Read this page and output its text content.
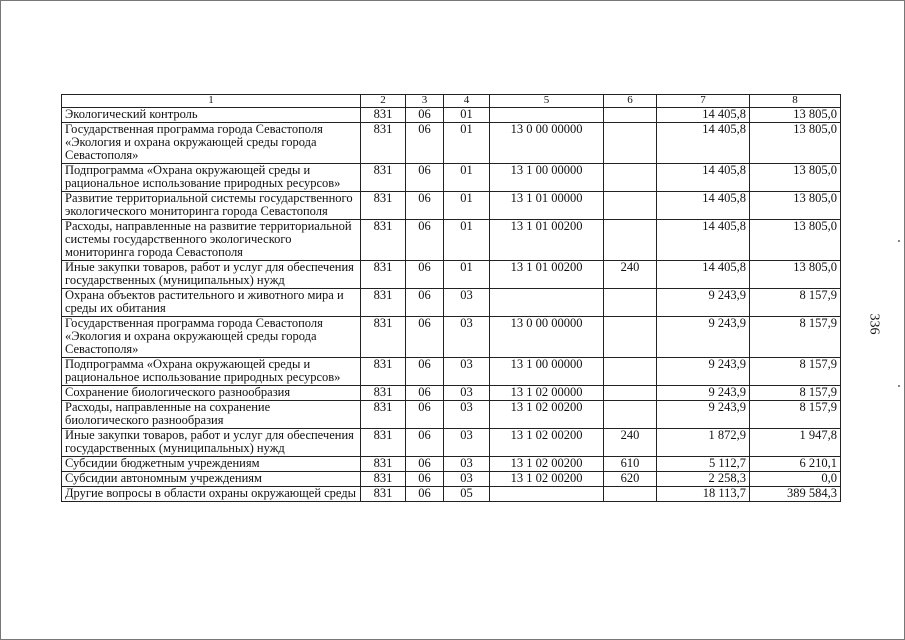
336
1	2	3	4	5	6	7	8
Экологический контроль	831	06	01			14 405,8	13 805,0
Государственная программа города Севастополя «Экология и охрана окружающей среды города Севастополя»	831	06	01	13 0 00 00000		14 405,8	13 805,0
Подпрограмма «Охрана окружающей среды и рациональное использование природных ресурсов»	831	06	01	13 1 00 00000		14 405,8	13 805,0
Развитие территориальной системы государственного экологического мониторинга города Севастополя	831	06	01	13 1 01 00000		14 405,8	13 805,0
Расходы, направленные на развитие территориальной системы государственного экологического мониторинга города Севастополя	831	06	01	13 1 01 00200		14 405,8	13 805,0
Иные закупки товаров, работ и услуг для обеспечения государственных (муниципальных) нужд	831	06	01	13 1 01 00200	240	14 405,8	13 805,0
Охрана объектов растительного и животного мира и среды их обитания	831	06	03			9 243,9	8 157,9
Государственная программа города Севастополя «Экология и охрана окружающей среды города Севастополя»	831	06	03	13 0 00 00000		9 243,9	8 157,9
Подпрограмма «Охрана окружающей среды и рациональное использование природных ресурсов»	831	06	03	13 1 00 00000		9 243,9	8 157,9
Сохранение биологического разнообразия	831	06	03	13 1 02 00000		9 243,9	8 157,9
Расходы, направленные на сохранение биологического разнообразия	831	06	03	13 1 02 00200		9 243,9	8 157,9
Иные закупки товаров, работ и услуг для обеспечения государственных (муниципальных) нужд	831	06	03	13 1 02 00200	240	1 872,9	1 947,8
Субсидии бюджетным учреждениям	831	06	03	13 1 02 00200	610	5 112,7	6 210,1
Субсидии автономным учреждениям	831	06	03	13 1 02 00200	620	2 258,3	0,0
Другие вопросы в области охраны окружающей среды	831	06	05			18 113,7	389 584,3
